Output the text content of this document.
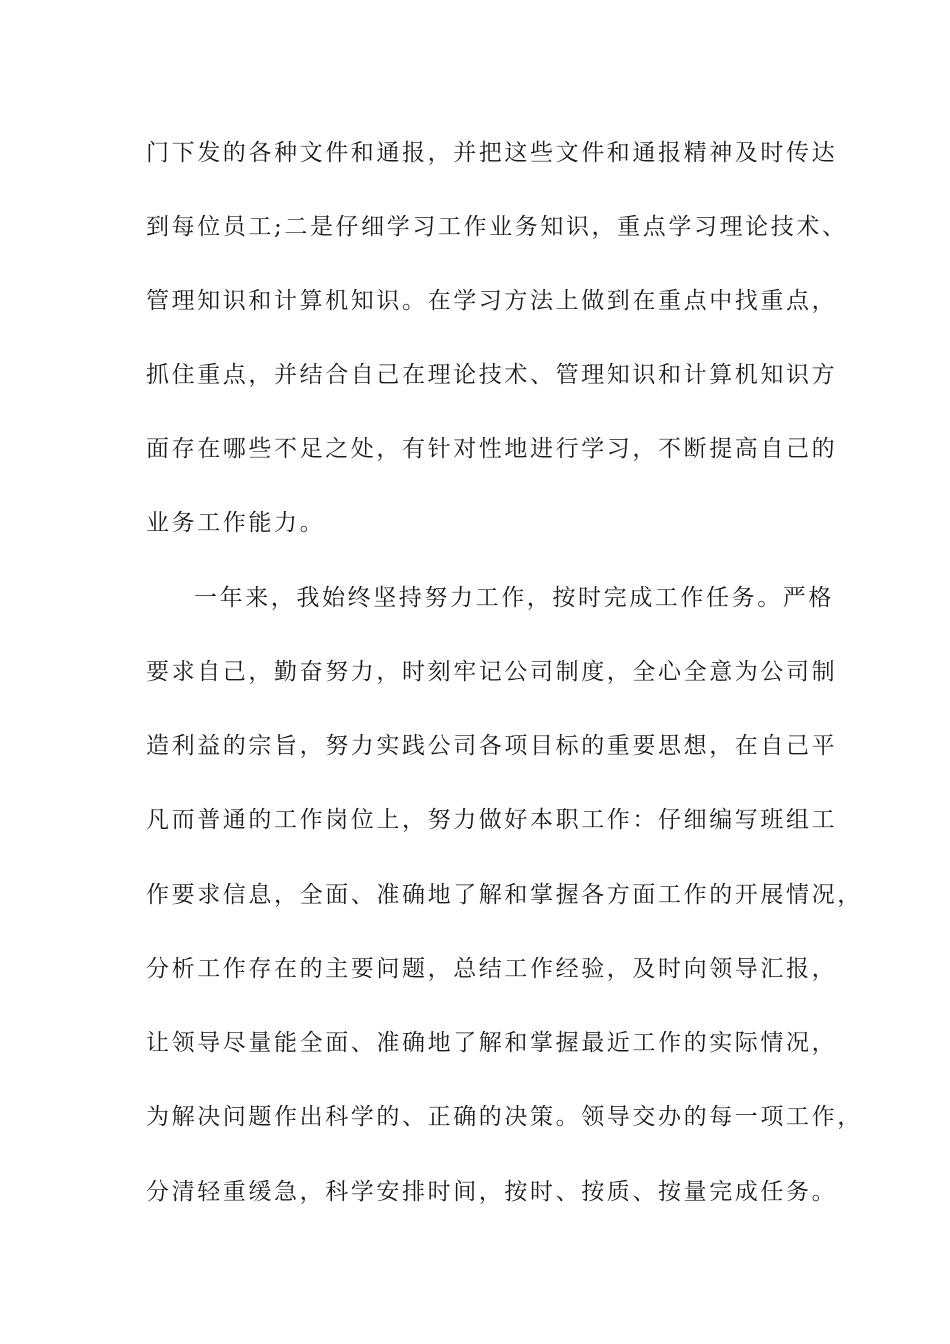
门下发的各种文件和通报，并把这些文件和通报精神及时传达
到每位员工;二是仔细学习工作业务知识，重点学习理论技术、
管理知识和计算机知识。在学习方法上做到在重点中找重点，
抓住重点，并结合自己在理论技术、管理知识和计算机知识方
面存在哪些不足之处，有针对性地进行学习，不断提高自己的
业务工作能力。
一年来，我始终坚持努力工作，按时完成工作任务。严格
要求自己，勤奋努力，时刻牢记公司制度，全心全意为公司制
造利益的宗旨，努力实践公司各项目标的重要思想，在自己平
凡而普通的工作岗位上，努力做好本职工作：仔细编写班组工
作要求信息，全面、准确地了解和掌握各方面工作的开展情况，
分析工作存在的主要问题，总结工作经验，及时向领导汇报，
让领导尽量能全面、准确地了解和掌握最近工作的实际情况，
为解决问题作出科学的、正确的决策。领导交办的每一项工作，
分清轻重缓急，科学安排时间，按时、按质、按量完成任务。
